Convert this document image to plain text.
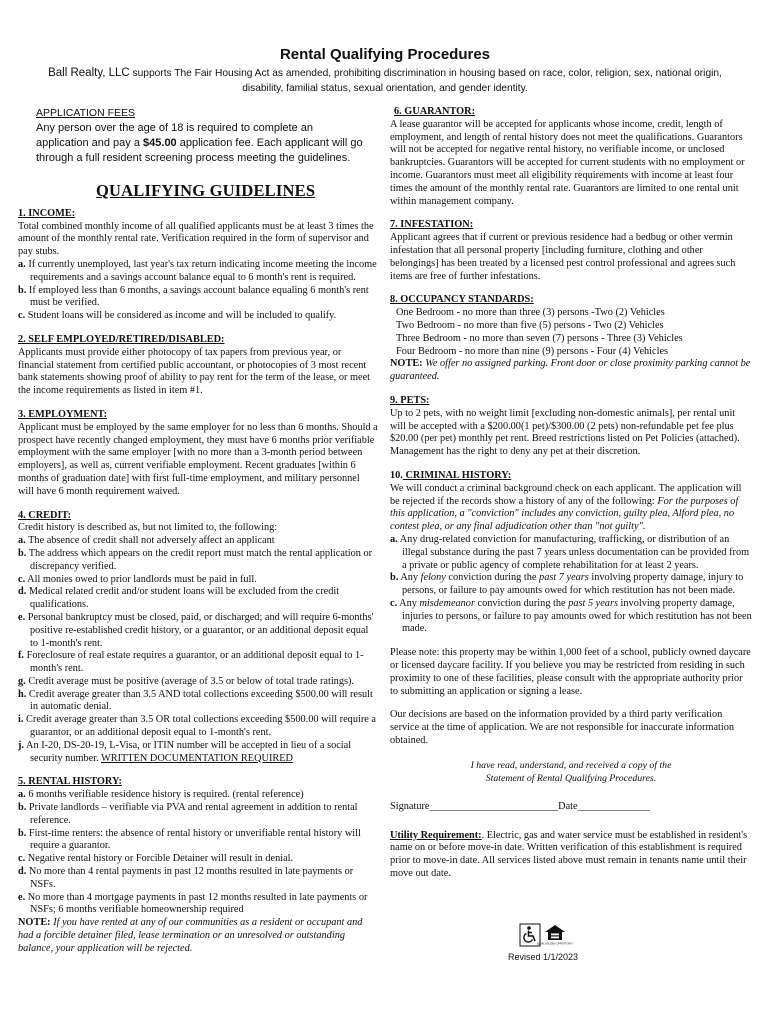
Rental Qualifying Procedures
Ball Realty, LLC supports The Fair Housing Act as amended, prohibiting discrimination in housing based on race, color, religion, sex, national origin, disability, familial status, sexual orientation, and gender identity.
APPLICATION FEES
Any person over the age of 18 is required to complete an
application and pay a $45.00 application fee. Each applicant will go
through a full resident screening process meeting the guidelines.
QUALIFYING GUIDELINES
1. INCOME:

Total combined monthly income of all qualified applicants must be at least 3 times the amount of the monthly rental rate. Verification required in the form of supervisor and pay stubs.

a. If currently unemployed, last year's tax return indicating income meeting the income requirements and a savings account balance equal to 6 month's rent is required.
b. If employed less than 6 months, a savings account balance equaling 6 month's rent must be verified.
c. Student loans will be considered as income and will be included to qualify.
2. SELF EMPLOYED/RETIRED/DISABLED:

Applicants must provide either photocopy of tax papers from previous year, or financial statement from certified public accountant, or photocopies of 3 most recent bank statements showing proof of ability to pay rent for the term of the lease, or meet the income requirements as listed in item #1.

3. EMPLOYMENT:

Applicant must be employed by the same employer for no less than 6 months. Should a prospect have recently changed employment, they must have 6 months prior verifiable employment with the same employer [with no more than a 3-month period between employers], as well as, current verifiable employment. Recent graduates [within 6 months of graduation date] with first full-time employment, and military personnel will have 6 month requirement waived.

4. CREDIT:

Credit history is described as, but not limited to, the following:

a. The absence of credit shall not adversely affect an applicant
b. The address which appears on the credit report must match the rental application or discrepancy verified.
c. All monies owed to prior landlords must be paid in full.
d. Medical related credit and/or student loans will be excluded from the credit qualifications.
e. Personal bankruptcy must be closed, paid, or discharged; and will require 6-months' positive re-established credit history, or a guarantor, or an additional deposit equal to 1-month's rent.
f. Foreclosure of real estate requires a guarantor, or an additional deposit equal to 1-month's rent.
g. Credit average must be positive (average of 3.5 or below of total trade ratings).
h. Credit average greater than 3.5 AND total collections exceeding $500.00 will result in automatic denial.
i. Credit average greater than 3.5 OR total collections exceeding $500.00 will require a guarantor, or an additional deposit equal to 1-month's rent.
j. An I-20, DS-20-19, L-Visa, or ITIN number will be accepted in lieu of a social security number. WRITTEN DOCUMENTATION REQUIRED
5. RENTAL HISTORY:
a. 6 months verifiable residence history is required. (rental reference)
b. Private landlords – verifiable via PVA and rental agreement in addition to rental reference.
b. First-time renters: the absence of rental history or unverifiable rental history will require a guarantor.
c. Negative rental history or Forcible Detainer will result in denial.
d. No more than 4 rental payments in past 12 months resulted in late payments or NSFs.
e. No more than 4 mortgage payments in past 12 months resulted in late payments or NSFs; 6 months verifiable homeownership required

NOTE: If you have rented at any of our communities as a resident or occupant and had a forcible detainer filed, lease termination or an unresolved or outstanding balance, your application will be rejected.

6. GUARANTOR:

A lease guarantor will be accepted for applicants whose income, credit, length of employment, and length of rental history does not meet the qualifications. Guarantors will not be accepted for negative rental history, no verifiable income, or unclosed bankruptcies. Guarantors will be accepted for current students with no employment or income. Guarantors must meet all eligibility requirements with income at least four times the amount of the monthly rental rate. Guarantors are limited to one rental unit within management company.

7. INFESTATION:

Applicant agrees that if current or previous residence had a bedbug or other vermin infestation that all personal property [including furniture, clothing and other belongings] has been treated by a licensed pest control professional and agrees such items are free of further infestations.

8. OCCUPANCY STANDARDS:
One Bedroom - no more than three (3) persons -Two (2) Vehicles
Two Bedroom - no more than five (5) persons - Two (2) Vehicles
Three Bedroom - no more than seven (7) persons - Three (3) Vehicles
Four Bedroom - no more than nine (9) persons - Four (4) Vehicles

NOTE: We offer no assigned parking. Front door or close proximity parking cannot be guaranteed.

9. PETS:

Up to 2 pets, with no weight limit [excluding non-domestic animals], per rental unit will be accepted with a $200.00(1 pet)/$300.00 (2 pets) non-refundable pet fee plus $20.00 (per pet) monthly pet rent. Breed restrictions listed on Pet Policies (attached). Management has the right to deny any pet at their discretion.

10. CRIMINAL HISTORY:

We will conduct a criminal background check on each applicant. The application will be rejected if the records show a history of any of the following: For the purposes of this application, a "conviction" includes any conviction, guilty plea, Alford plea, no contest plea, or any final adjudication other than "not guilty".

a. Any drug-related conviction for manufacturing, trafficking, or distribution of an illegal substance during the past 7 years unless documentation can be provided from a private or public agency of complete rehabilitation for at least 2 years.
b. Any felony conviction during the past 7 years involving property damage, injury to persons, or failure to pay amounts owed for which restitution has not been made.
c. Any misdemeanor conviction during the past 5 years involving property damage, injuries to persons, or failure to pay amounts owed for which restitution has not been made.

Please note: this property may be within 1,000 feet of a school, publicly owned daycare or licensed daycare facility. If you believe you may be restricted from residing in such proximity to one of these facilities, please consult with the appropriate authority prior to submitting an application or signing a lease.

Our decisions are based on the information provided by a third party verification service at the time of application. We are not responsible for inaccurate information obtained.

I have read, understand, and received a copy of the
Statement of Rental Qualifying Procedures.
Signature_________________________Date______________

Utility Requirement:. Electric, gas and water service must be established in resident's name on or before move-in date. Written verification of this establishment is required prior to move-in date. All services listed above must remain in tenants name until their move out date.

EQUAL HOUSING OPPORTUNITY
Revised 1/1/2023
